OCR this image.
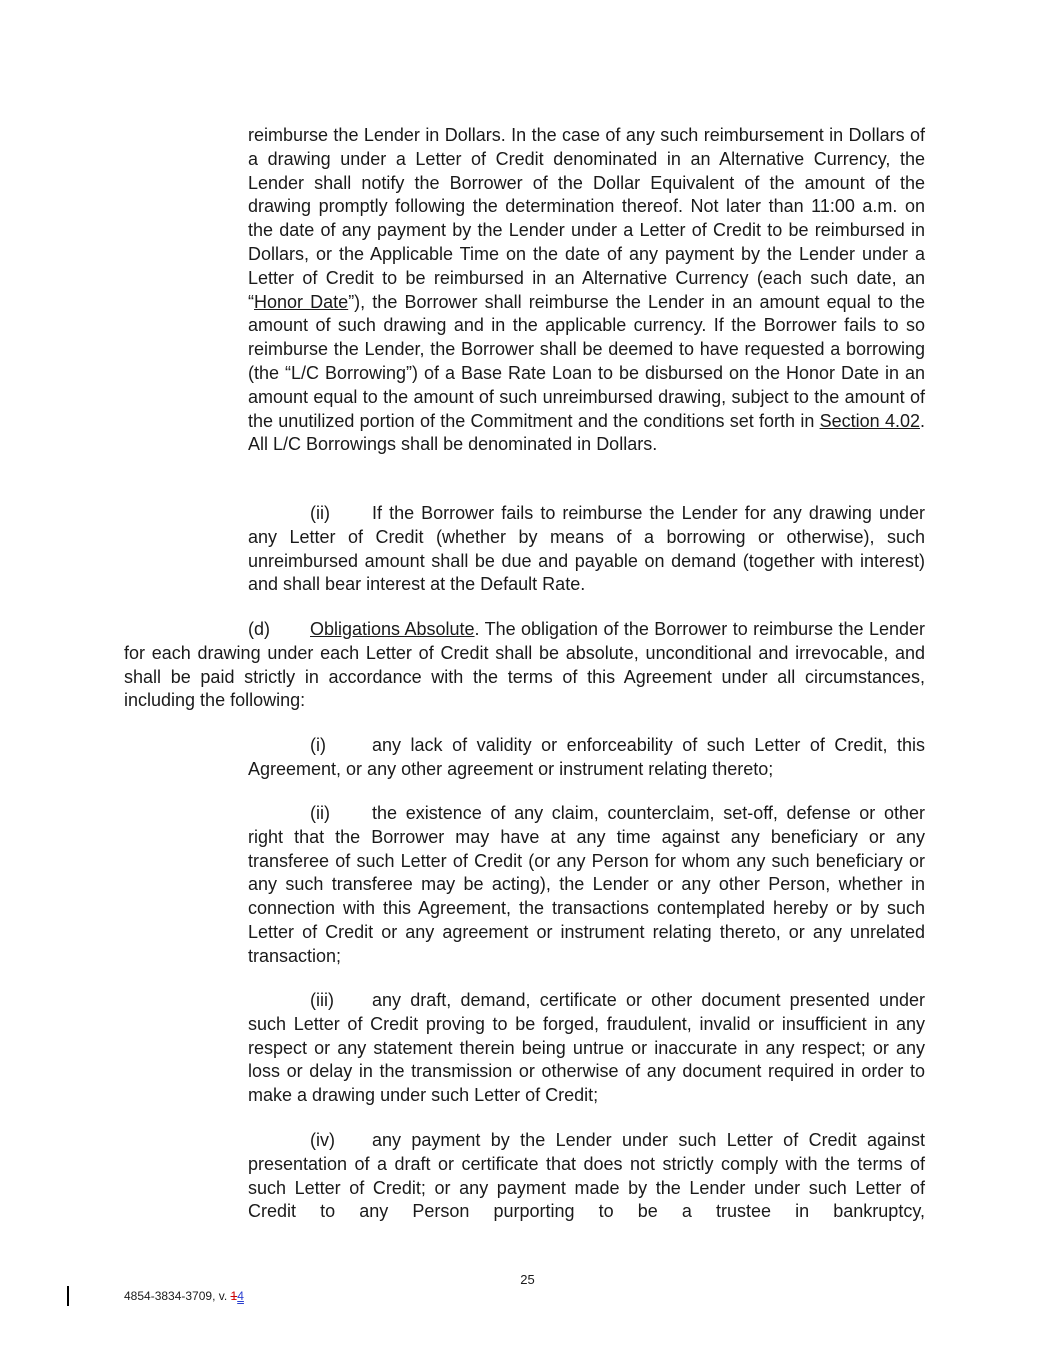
reimburse the Lender in Dollars. In the case of any such reimbursement in Dollars of a drawing under a Letter of Credit denominated in an Alternative Currency, the Lender shall notify the Borrower of the Dollar Equivalent of the amount of the drawing promptly following the determination thereof. Not later than 11:00 a.m. on the date of any payment by the Lender under a Letter of Credit to be reimbursed in Dollars, or the Applicable Time on the date of any payment by the Lender under a Letter of Credit to be reimbursed in an Alternative Currency (each such date, an “Honor Date”), the Borrower shall reimburse the Lender in an amount equal to the amount of such drawing and in the applicable currency. If the Borrower fails to so reimburse the Lender, the Borrower shall be deemed to have requested a borrowing (the “L/C Borrowing”) of a Base Rate Loan to be disbursed on the Honor Date in an amount equal to the amount of such unreimbursed drawing, subject to the amount of the unutilized portion of the Commitment and the conditions set forth in Section 4.02. All L/C Borrowings shall be denominated in Dollars.

(ii) If the Borrower fails to reimburse the Lender for any drawing under any Letter of Credit (whether by means of a borrowing or otherwise), such unreimbursed amount shall be due and payable on demand (together with interest) and shall bear interest at the Default Rate.

(d) Obligations Absolute. The obligation of the Borrower to reimburse the Lender for each drawing under each Letter of Credit shall be absolute, unconditional and irrevocable, and shall be paid strictly in accordance with the terms of this Agreement under all circumstances, including the following:

(i)	any lack of validity or enforceability of such Letter of Credit, this Agreement, or any other agreement or instrument relating thereto;

(ii) the existence of any claim, counterclaim, set-off, defense or other right that the Borrower may have at any time against any beneficiary or any transferee of such Letter of Credit (or any Person for whom any such beneficiary or any such transferee may be acting), the Lender or any other Person, whether in connection with this Agreement, the transactions contemplated hereby or by such Letter of Credit or any agreement or instrument relating thereto, or any unrelated transaction;

(iii) any draft, demand, certificate or other document presented under such Letter of Credit proving to be forged, fraudulent, invalid or insufficient in any respect or any statement therein being untrue or inaccurate in any respect; or any loss or delay in the transmission or otherwise of any document required in order to make a drawing under such Letter of Credit;

(iv) any payment by the Lender under such Letter of Credit against presentation of a draft or certificate that does not strictly comply with the terms of such Letter of Credit; or any payment made by the Lender under such Letter of Credit to any Person purporting to be a trustee in bankruptcy,

25
4854-3834-3709, v. 14
